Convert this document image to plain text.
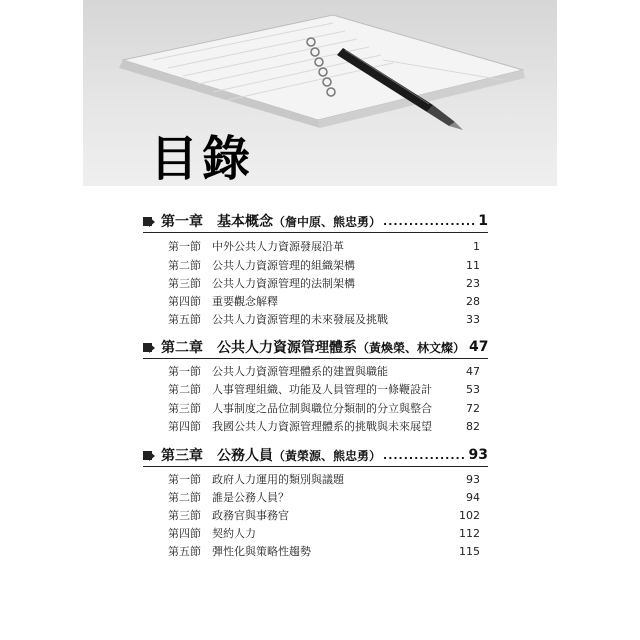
目錄
第一章 基本概念（詹中原、熊忠勇） .....	1
第一節	中外公共人力資源發展沿革	1
第二節	公共人力資源管理的組織架構	11
第三節	公共人力資源管理的法制架構	23
第四節	重要觀念解釋	28
第五節	公共人力資源管理的未來發展及挑戰	33
第二章 公共人力資源管理體系（黃煥榮、林文燦） 47
第一節	公共人力資源管理體系的建置與職能	47
第二節	人事管理組織、功能及人員管理的一條鞭設計	53
第三節	人事制度之品位制與職位分類制的分立與整合	72
第四節	我國公共人力資源管理體系的挑戰與未來展望	82
第三章 公務人員（黃榮源、熊忠勇） .....	93
第一節	政府人力運用的類別與議題	93
第二節	誰是公務人員？	94
第三節	政務官與事務官	102
第四節	契約人力	112
第五節	彈性化與策略性趨勢	115
